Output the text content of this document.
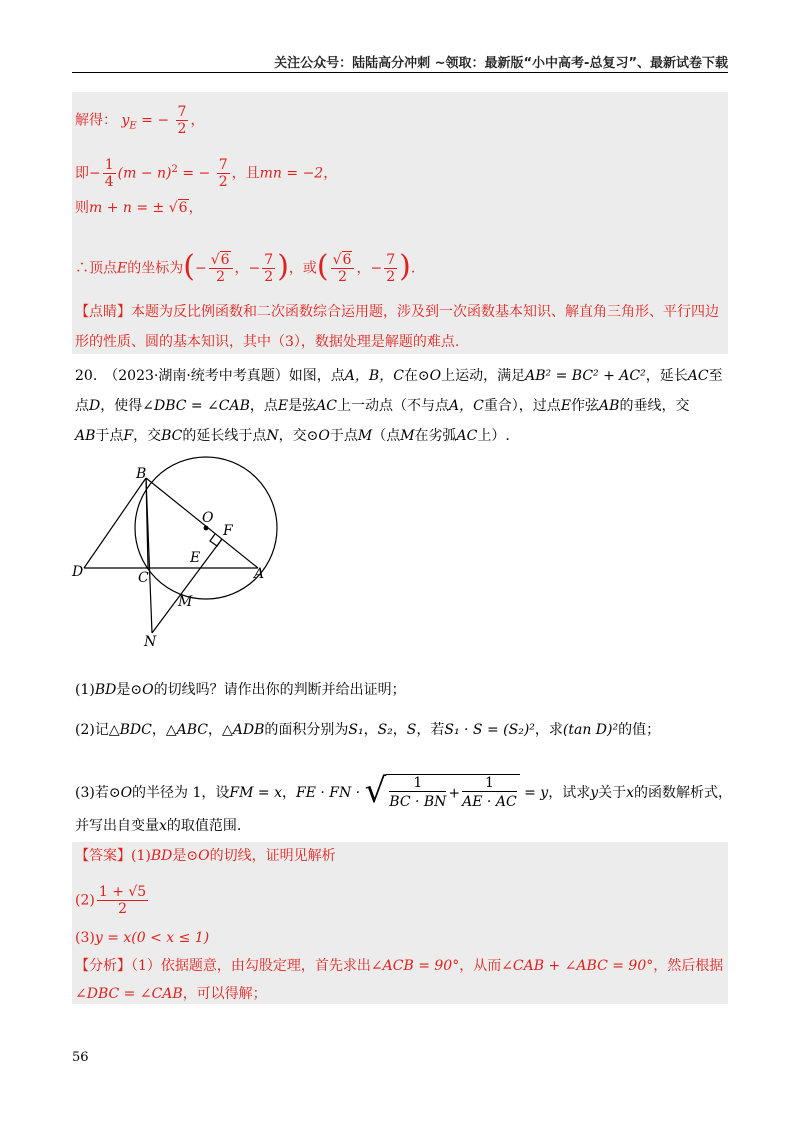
关注公众号：陆陆高分冲刺 ~领取：最新版“小中高考-总复习”、最新试卷下载
解得： $y_E$ = − $\frac{7}{2}$ ，
即− $\frac{1}{4} (m - n)^2$ = − $\frac{7}{2}$ ，且mn = −2，
则m + n = ± √6，
∴顶点E的坐标为(− $\frac{√6}{2}$ ，− $\frac{7}{2}$ )，或( $\frac{√6}{2}$ ，− $\frac{7}{2}$ ).
【点睛】本题为反比例函数和二次函数综合运用题，涉及到一次函数基本知识、解直角三角形、平行四边
形的性质、圆的基本知识，其中（3），数据处理是解题的难点.
20.　（2023·湖南·统考中考真题）如图，点A，B，C在⊙O上运动，满足AB² = BC² + AC²，延长AC至
点D，使得∠DBC = ∠CAB，点E是弦AC上一动点（不与点A，C重合），过点E作弦AB的垂线，交
AB于点F，交BC的延长线于点N，交⊙O于点M（点M在劣弧AC上）.
B
O
F
E
D	C	A
M
N
(1)BD是⊙O的切线吗？请作出你的判断并给出证明；
(2)记△BDC，△ABC，△ADB的面积分别为S₁，S₂，S，若S₁ · S = (S₂)²，求(tan D)²的值；
(3)若⊙O的半径为 1，设FM = x，FE · FN · √ $\frac{1}{BC \cdot BN} + \frac{1}{AE \cdot AC} = y$，试求y关于x的函数解析式，
并写出自变量x的取值范围.
【答案】(1)BD是⊙O的切线，证明见解析
$(2) \frac{1 + √5}{2}$
(3)y = x(0 < x ≤ 1)
【分析】（1）依据题意，由勾股定理，首先求出∠ACB = 90°，从而∠CAB + ∠ABC = 90°，然后根据
∠DBC = ∠CAB，可以得解；
56
